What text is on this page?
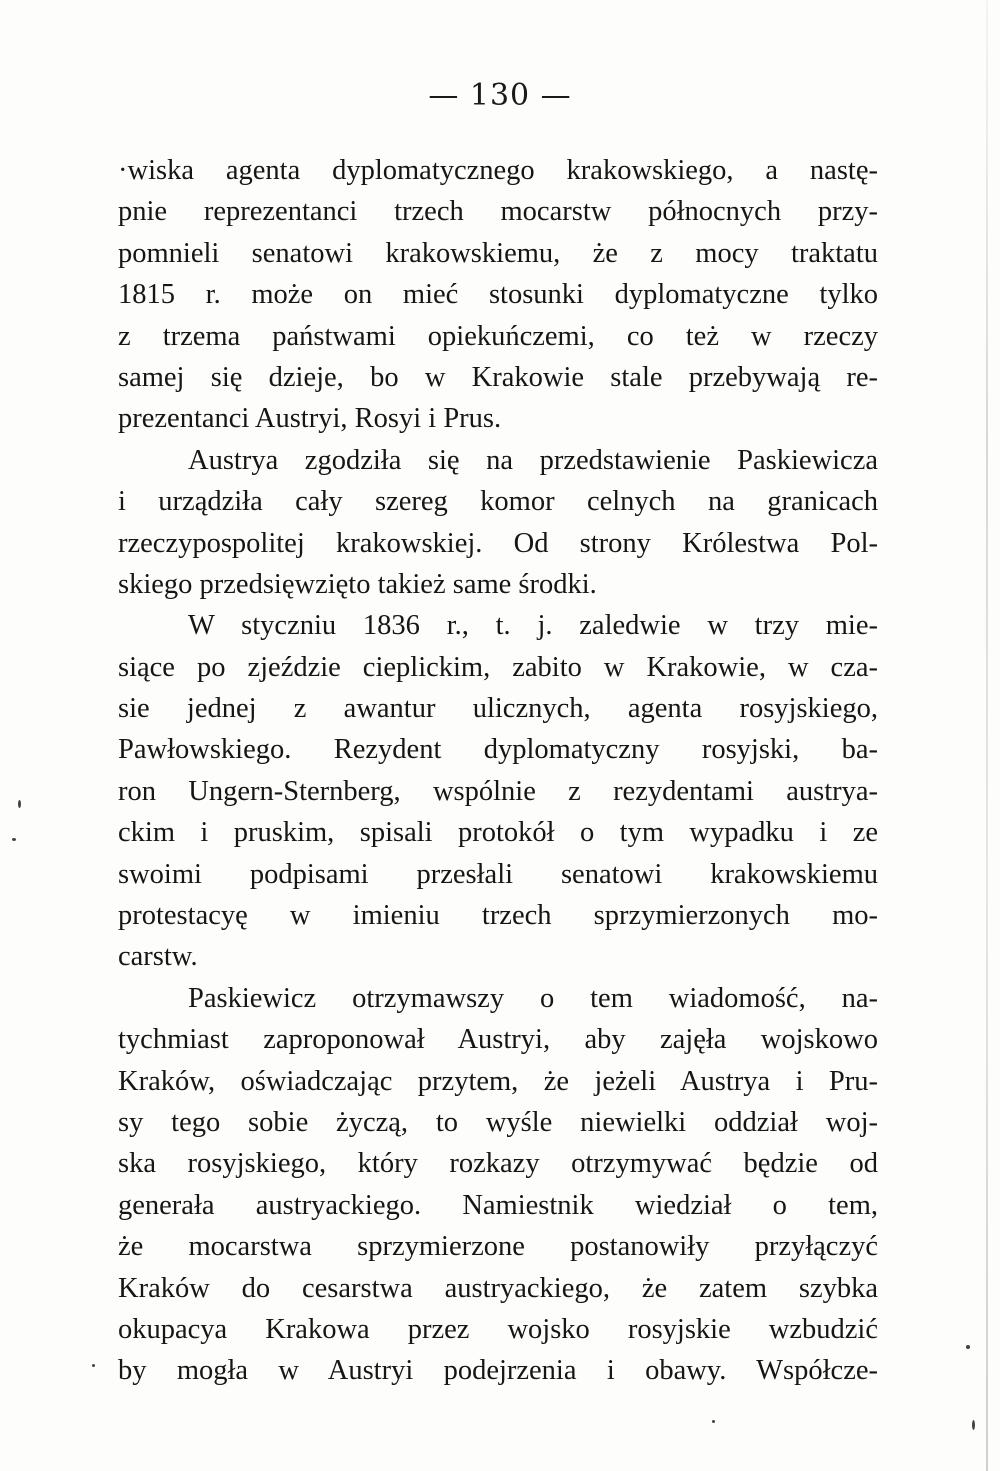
— 130 —
·wiska agenta dyplomatycznego krakowskiego, a nastę-
pnie reprezentanci trzech mocarstw północnych przy-
pomnieli senatowi krakowskiemu, że z mocy traktatu
1815 r. może on mieć stosunki dyplomatyczne tylko
z trzema państwami opiekuńczemi, co też w rzeczy
samej się dzieje, bo w Krakowie stale przebywają re-
prezentanci Austryi, Rosyi i Prus.
Austrya zgodziła się na przedstawienie Paskiewicza
i urządziła cały szereg komor celnych na granicach
rzeczypospolitej krakowskiej. Od strony Królestwa Pol-
skiego przedsięwzięto takież same środki.
W styczniu 1836 r., t. j. zaledwie w trzy mie-
siące po zjeździe cieplickim, zabito w Krakowie, w cza-
sie jednej z awantur ulicznych, agenta rosyjskiego,
Pawłowskiego. Rezydent dyplomatyczny rosyjski, ba-
ron Ungern-Sternberg, wspólnie z rezydentami austrya-
ckim i pruskim, spisali protokół o tym wypadku i ze
swoimi podpisami przesłali senatowi krakowskiemu
protestacyę w imieniu trzech sprzymierzonych mo-
carstw.
Paskiewicz otrzymawszy o tem wiadomość, na-
tychmiast zaproponował Austryi, aby zajęła wojskowo
Kraków, oświadczając przytem, że jeżeli Austrya i Pru-
sy tego sobie życzą, to wyśle niewielki oddział woj-
ska rosyjskiego, który rozkazy otrzymywać będzie od
generała austryackiego. Namiestnik wiedział o tem,
że mocarstwa sprzymierzone postanowiły przyłączyć
Kraków do cesarstwa austryackiego, że zatem szybka
okupacya Krakowa przez wojsko rosyjskie wzbudzić
by mogła w Austryi podejrzenia i obawy. Współcze-
